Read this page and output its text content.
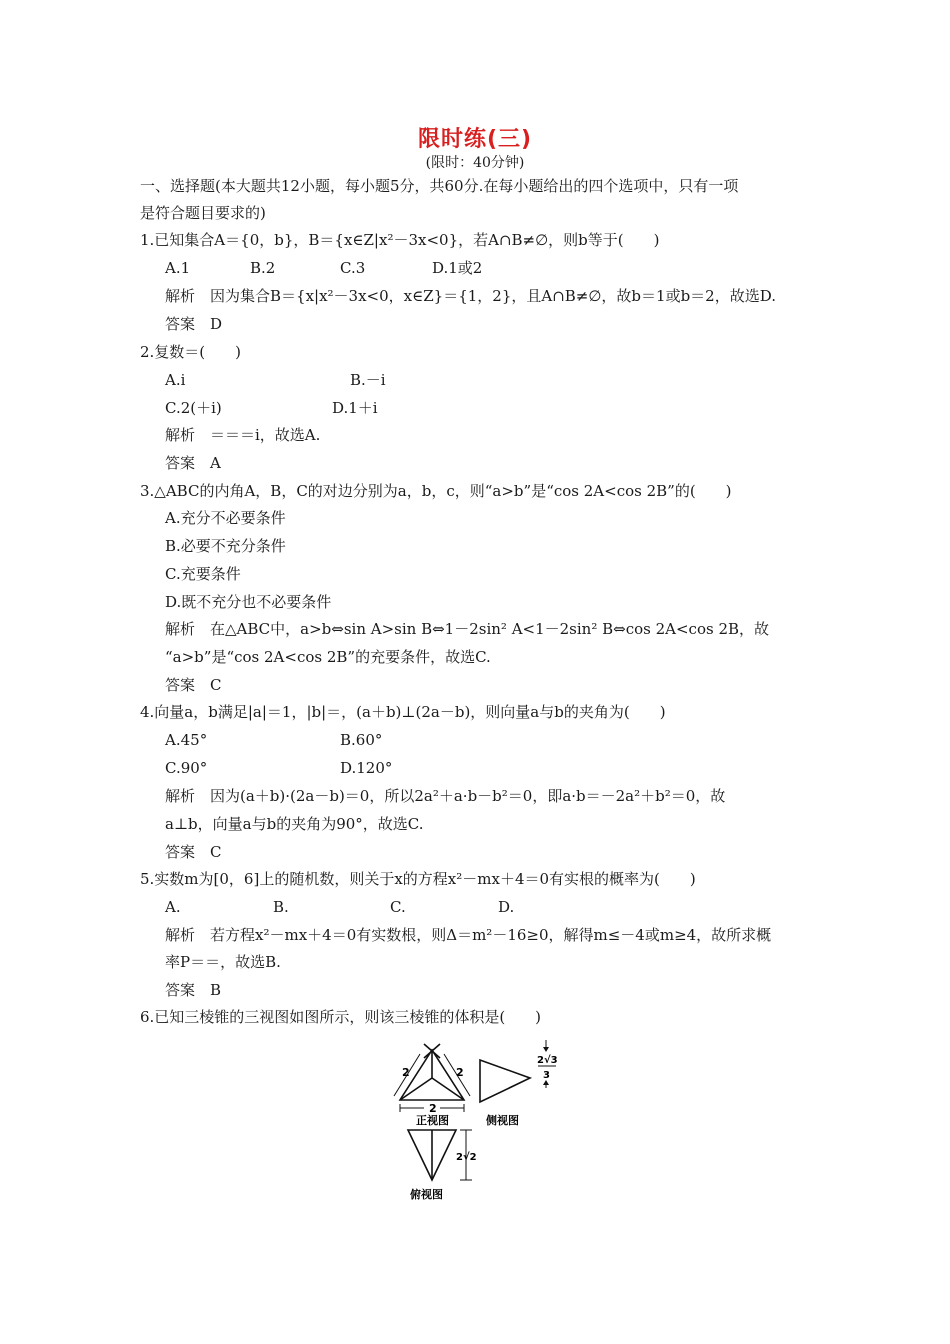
限时练(三)
(限时：40分钟)
一、选择题(本大题共12小题，每小题5分，共60分.在每小题给出的四个选项中，只有一项
是符合题目要求的)
1.已知集合A＝{0，b}，B＝{x∈Z|x²－3x<0}，若A∩B≠∅，则b等于(　　)
A.1	B.2	C.3	D.1或2
解析　因为集合B＝{x|x²－3x<0，x∈Z}＝{1，2}，且A∩B≠∅，故b＝1或b＝2，故选D.
答案　D
2.复数＝(　　)
A.i	B.－i
C.2(＋i)	D.1＋i
解析　＝＝＝i，故选A.
答案　A
3.△ABC的内角A，B，C的对边分别为a，b，c，则“a>b”是“cos 2A<cos 2B”的(　　)
A.充分不必要条件
B.必要不充分条件
C.充要条件
D.既不充分也不必要条件
解析　在△ABC中，a>b⇔sin A>sin B⇔1－2sin² A<1－2sin² B⇔cos 2A<cos 2B，故
“a>b”是“cos 2A<cos 2B”的充要条件，故选C.
答案　C
4.向量a，b满足|a|＝1，|b|＝，(a＋b)⊥(2a－b)，则向量a与b的夹角为(　　)
A.45°	B.60°
C.90°	D.120°
解析　因为(a＋b)·(2a－b)＝0，所以2a²＋a·b－b²＝0，即a·b＝－2a²＋b²＝0，故
a⊥b，向量a与b的夹角为90°，故选C.
答案　C
5.实数m为[0，6]上的随机数，则关于x的方程x²－mx＋4＝0有实根的概率为(　　)
A.	B.	C.	D.
解析　若方程x²－mx＋4＝0有实数根，则Δ＝m²－16≥0，解得m≤－4或m≥4，故所求概
率P＝＝，故选B.
答案　B
6.已知三棱锥的三视图如图所示，则该三棱锥的体积是(　　)
2	2
2
正视图
2√3
3
侧视图
2√2
俯视图
